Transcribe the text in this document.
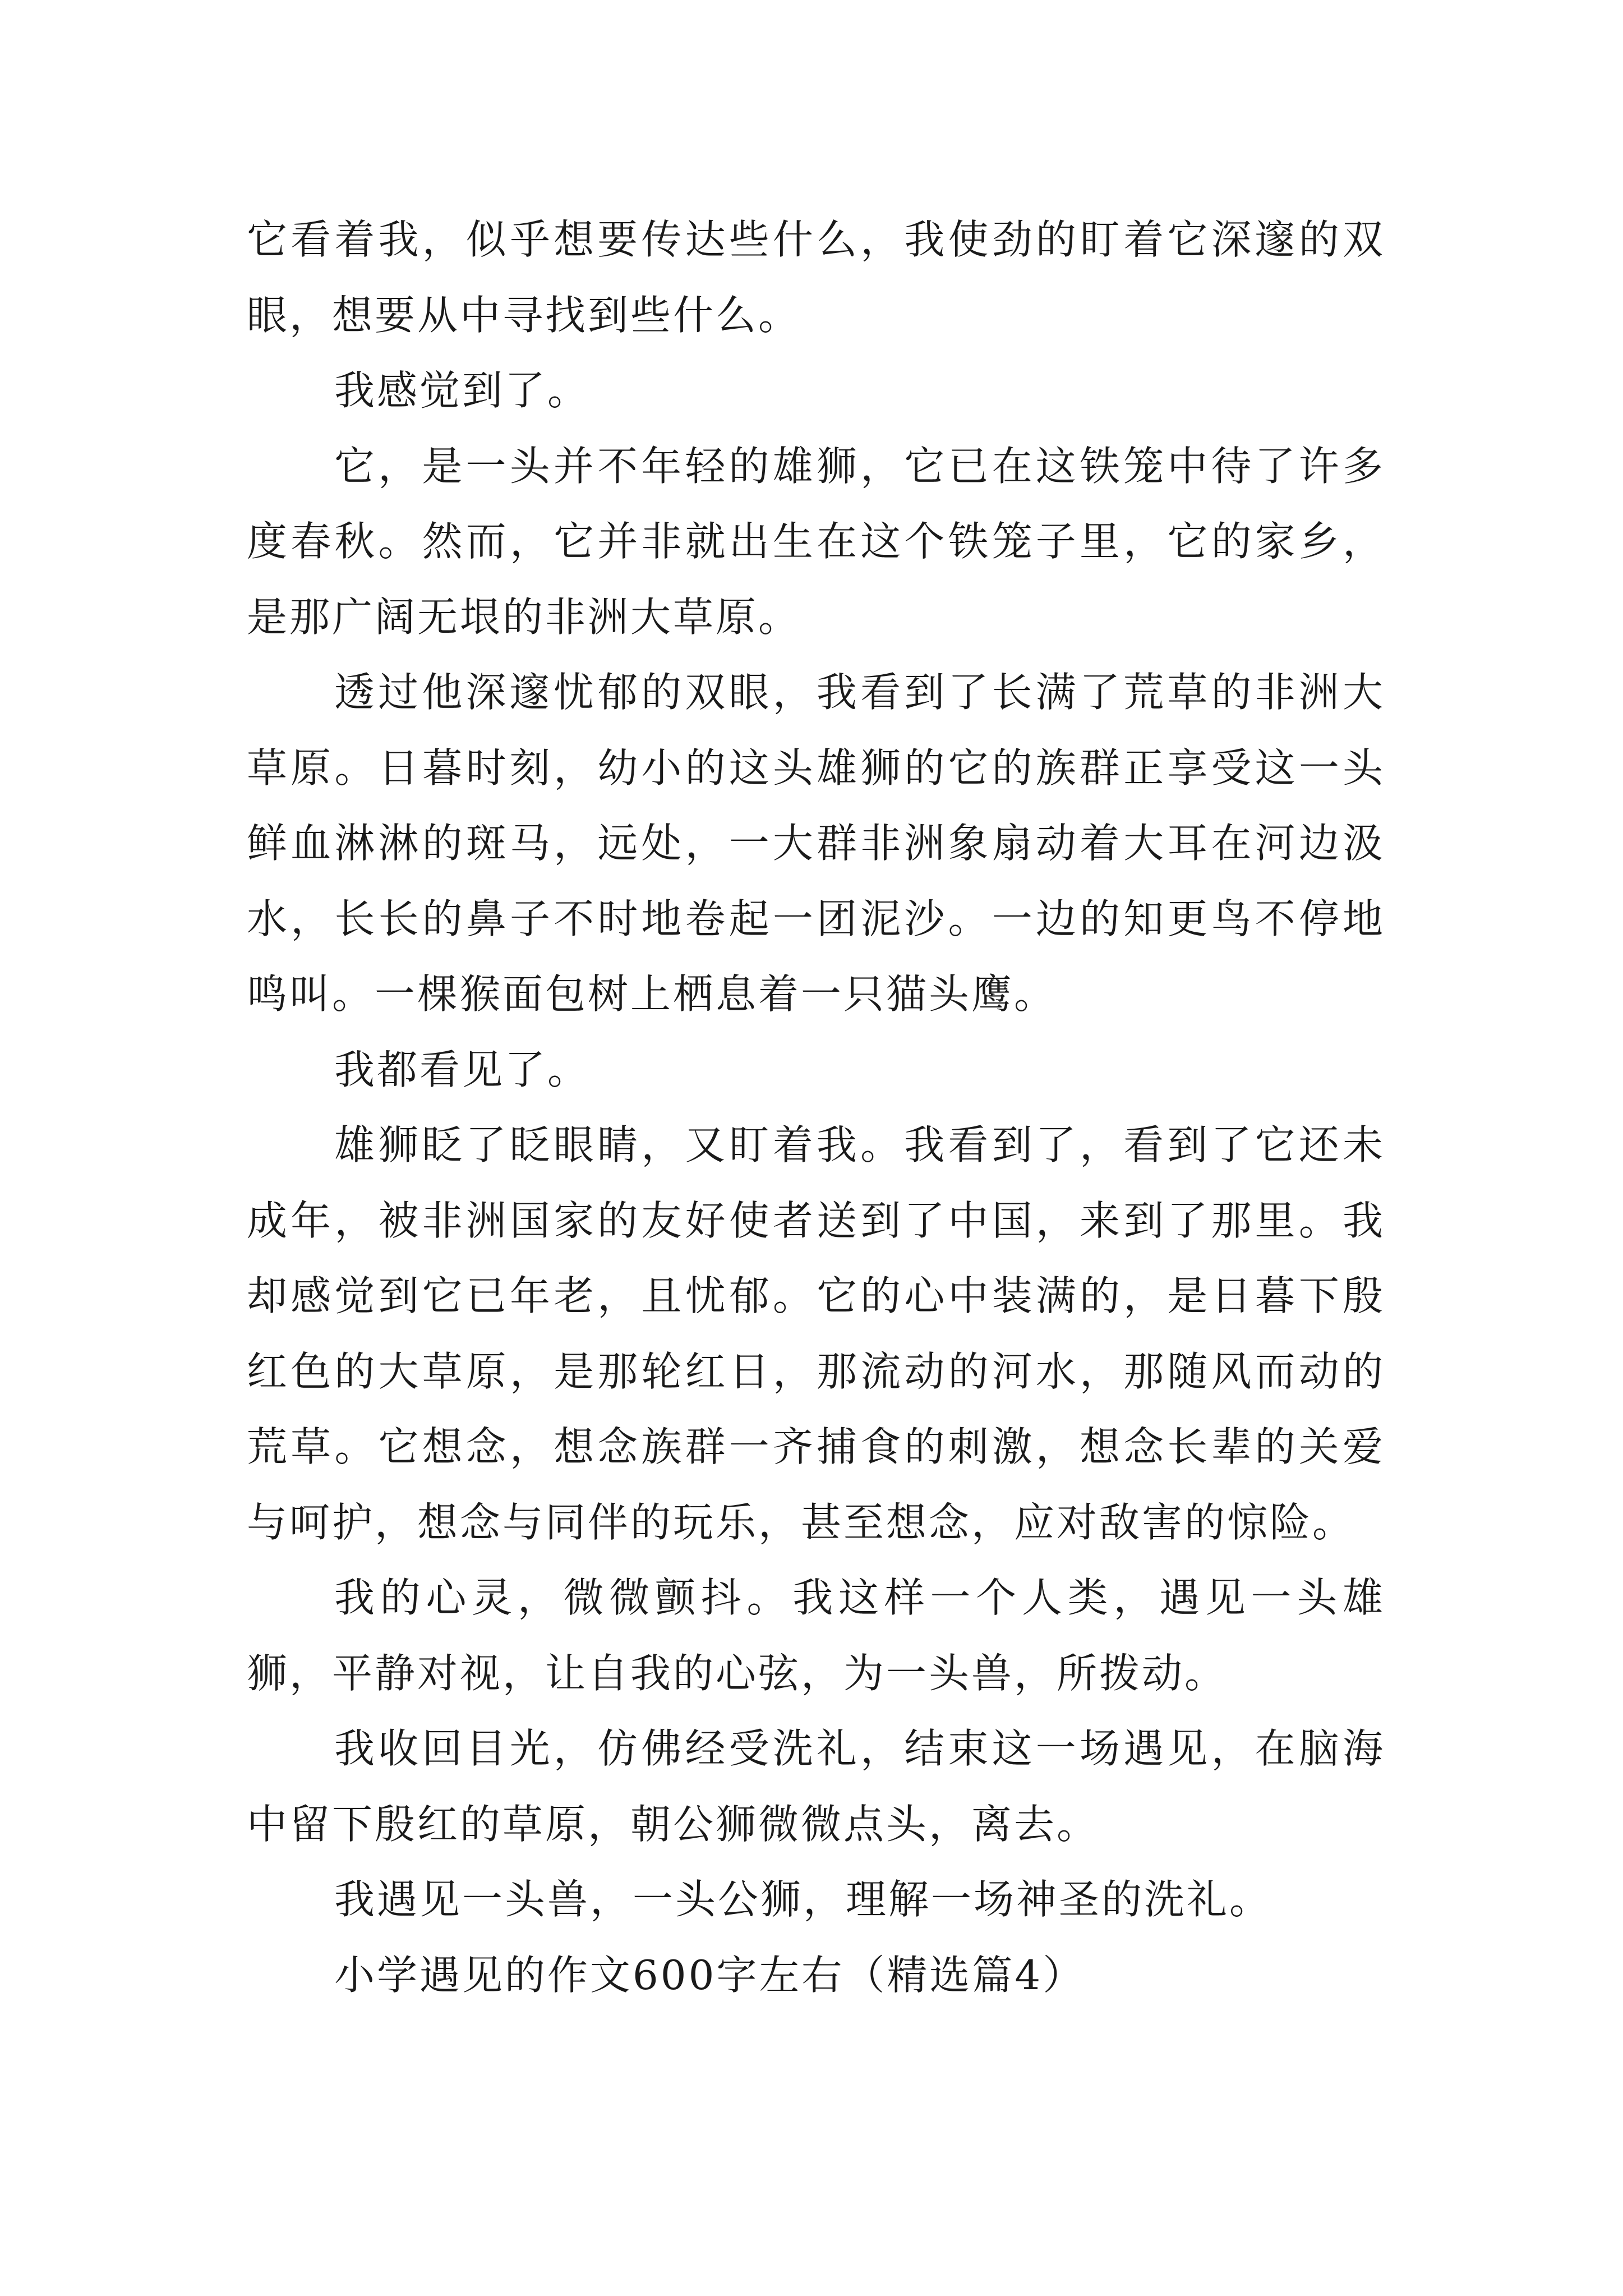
它看着我，似乎想要传达些什么，我使劲的盯着它深邃的双眼，想要从中寻找到些什么。

我感觉到了。

它，是一头并不年轻的雄狮，它已在这铁笼中待了许多度春秋。然而，它并非就出生在这个铁笼子里，它的家乡，是那广阔无垠的非洲大草原。

透过他深邃忧郁的双眼，我看到了长满了荒草的非洲大草原。日暮时刻，幼小的这头雄狮的它的族群正享受这一头鲜血淋淋的斑马，远处，一大群非洲象扇动着大耳在河边汲水，长长的鼻子不时地卷起一团泥沙。一边的知更鸟不停地鸣叫。一棵猴面包树上栖息着一只猫头鹰。

我都看见了。

雄狮眨了眨眼睛，又盯着我。我看到了，看到了它还未成年，被非洲国家的友好使者送到了中国，来到了那里。我却感觉到它已年老，且忧郁。它的心中装满的，是日暮下殷红色的大草原，是那轮红日，那流动的河水，那随风而动的荒草。它想念，想念族群一齐捕食的刺激，想念长辈的关爱与呵护，想念与同伴的玩乐，甚至想念，应对敌害的惊险。

我的心灵，微微颤抖。我这样一个人类，遇见一头雄狮，平静对视，让自我的心弦，为一头兽，所拨动。

我收回目光，仿佛经受洗礼，结束这一场遇见，在脑海中留下殷红的草原，朝公狮微微点头，离去。

我遇见一头兽，一头公狮，理解一场神圣的洗礼。

小学遇见的作文600字左右（精选篇4）
